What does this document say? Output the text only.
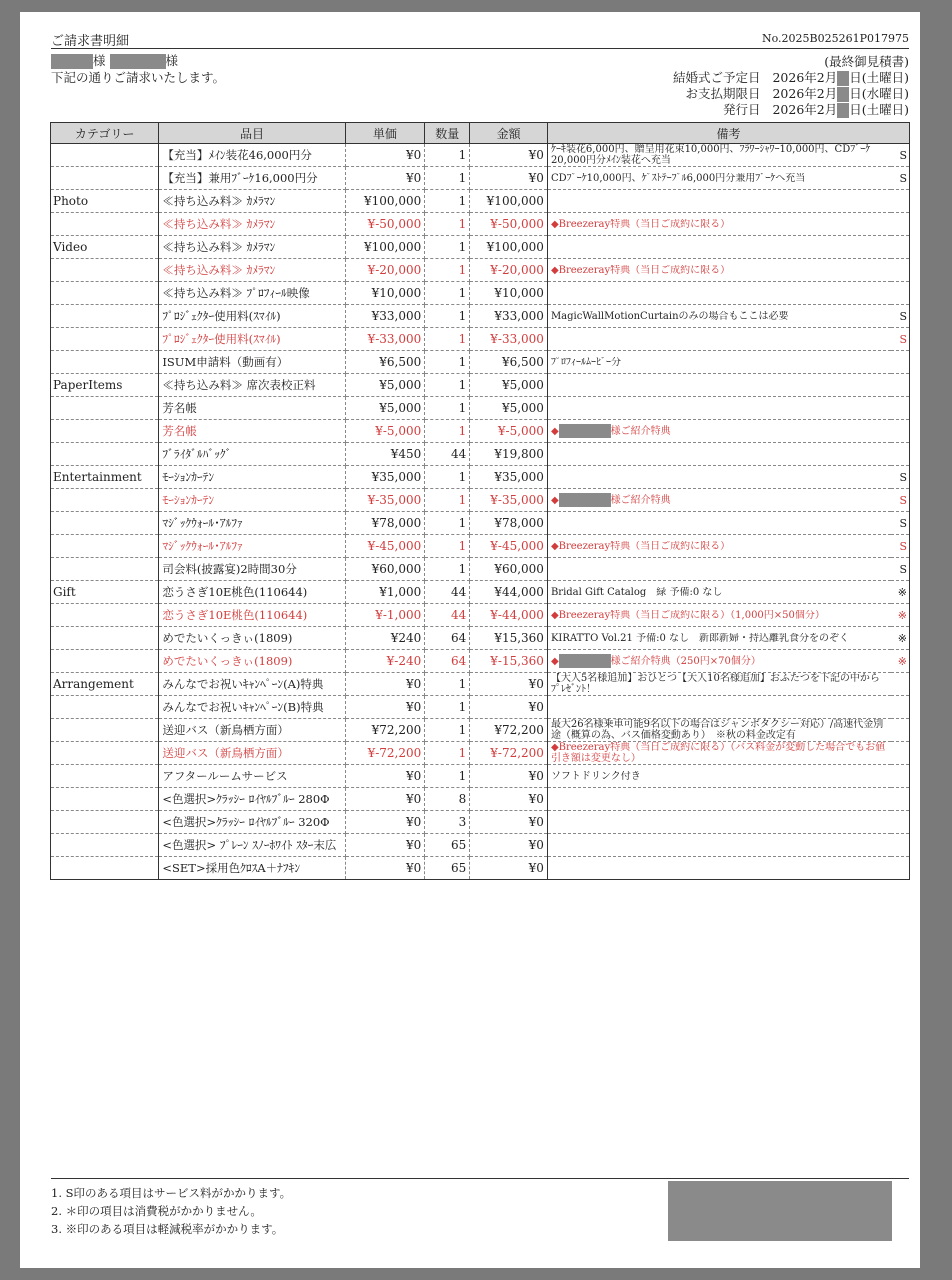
ご請求書明細	No.2025B025261P017975
様	様
下記の通りご請求いたします。
(最終御見積書)
結婚式ご予定日 2026年2月 日(土曜日)
お支払期限日 2026年2月 日(水曜日)
発行日 2026年2月 日(土曜日)
カテゴリー	品目	単価	数量	金額	備考	
	【充当】ﾒｲﾝ装花46,000円分	¥0	1	¥0	ｹｰｷ装花6,000円、贈呈用花束10,000円、ﾌﾗﾜｰｼｬﾜｰ10,000円、CDﾌﾞｰｹ20,000円分ﾒｲﾝ装花へ充当	S
	【充当】兼用ﾌﾞｰｹ16,000円分	¥0	1	¥0	CDﾌﾞｰｹ10,000円、ｹﾞｽﾄﾃｰﾌﾞﾙ6,000円分兼用ﾌﾞｰｹへ充当	S
Photo	≪持ち込み料≫ ｶﾒﾗﾏﾝ	¥100,000	1	¥100,000	

	≪持ち込み料≫ ｶﾒﾗﾏﾝ	¥-50,000	1	¥-50,000	◆Breezeray特典（当日ご成約に限る）	

Video	≪持ち込み料≫ ｶﾒﾗﾏﾝ	¥100,000	1	¥100,000	

	≪持ち込み料≫ ｶﾒﾗﾏﾝ	¥-20,000	1	¥-20,000	◆Breezeray特典（当日ご成約に限る）	

	≪持ち込み料≫ ﾌﾟﾛﾌｨｰﾙ映像	¥10,000	1	¥10,000	

	ﾌﾟﾛｼﾞｪｸﾀｰ使用料(ｽﾏｲﾙ)	¥33,000	1	¥33,000	MagicWallMotionCurtainのみの場合もここは必要	S
	ﾌﾟﾛｼﾞｪｸﾀｰ使用料(ｽﾏｲﾙ)	¥-33,000	1	¥-33,000		S
	ISUM申請料（動画有）	¥6,500	1	¥6,500	ﾌﾟﾛﾌｨｰﾙﾑｰﾋﾞｰ分	

PaperItems	≪持ち込み料≫ 席次表校正料	¥5,000	1	¥5,000	

	芳名帳	¥5,000	1	¥5,000	

	芳名帳	¥-5,000	1	¥-5,000	◆ 様ご紹介特典	
	ﾌﾞﾗｲﾀﾞﾙﾊﾞｯｸﾞ	¥450	44	¥19,800	

Entertainment	ﾓｰｼｮﾝｶｰﾃﾝ	¥35,000	1	¥35,000		S
	ﾓｰｼｮﾝｶｰﾃﾝ	¥-35,000	1	¥-35,000	◆ 様ご紹介特典	S
	ﾏｼﾞｯｸｳｫｰﾙ･ｱﾙﾌｧ	¥78,000	1	¥78,000		S
	ﾏｼﾞｯｸｳｫｰﾙ･ｱﾙﾌｧ	¥-45,000	1	¥-45,000	◆Breezeray特典（当日ご成約に限る）	S
	司会料(披露宴)2時間30分	¥60,000	1	¥60,000		S
Gift	恋うさぎ10E桃色(110644)	¥1,000	44	¥44,000	Bridal Gift Catalog　緑 予備:0 なし	※
	恋うさぎ10E桃色(110644)	¥-1,000	44	¥-44,000	◆Breezeray特典（当日ご成約に限る）（1,000円×50個分）	※
	めでたいくっきぃ(1809)	¥240	64	¥15,360	KIRATTO Vol.21 予備:0 なし　新郎新婦・持込離乳食分をのぞく	※
	めでたいくっきぃ(1809)	¥-240	64	¥-15,360	◆ 様ご紹介特典（250円×70個分）	※
Arrangement	みんなでお祝いｷｬﾝﾍﾟｰﾝ(A)特典	¥0	1	¥0	【大人5名様追加】おひとつ【大人10名様追加】おふたつを下記の中からﾌﾟﾚｾﾞﾝﾄ！	

	みんなでお祝いｷｬﾝﾍﾟｰﾝ(B)特典	¥0	1	¥0	

	送迎バス（新鳥栖方面）	¥72,200	1	¥72,200	最大26名様乗車可能9名以下の場合はジャンボタクシー対応）/高速代金別途（概算の為、バス価格変動あり）　※秋の料金改定有	

	送迎バス（新鳥栖方面）	¥-72,200	1	¥-72,200	◆Breezeray特典（当日ご成約に限る）（バス料金が変動した場合でもお値引き額は変更なし）	

	アフタールームサービス	¥0	1	¥0	ソフトドリンク付き	

	<色選択>ｸﾗｯｼｰ ﾛｲﾔﾙﾌﾞﾙｰ 280Φ	¥0	8	¥0	

	<色選択>ｸﾗｯｼｰ ﾛｲﾔﾙﾌﾞﾙｰ 320Φ	¥0	3	¥0	

	<色選択> ﾌﾟﾚｰﾝ ｽﾉｰﾎﾜｲﾄ ｽﾀｰ末広	¥0	65	¥0	

	<SET>採用色ｸﾛｽA＋ﾅﾌｷﾝ	¥0	65	¥0	

1. S印のある項目はサービス料がかかります。
2. ＊印の項目は消費税がかかりません。
3. ※印のある項目は軽減税率がかかります。
